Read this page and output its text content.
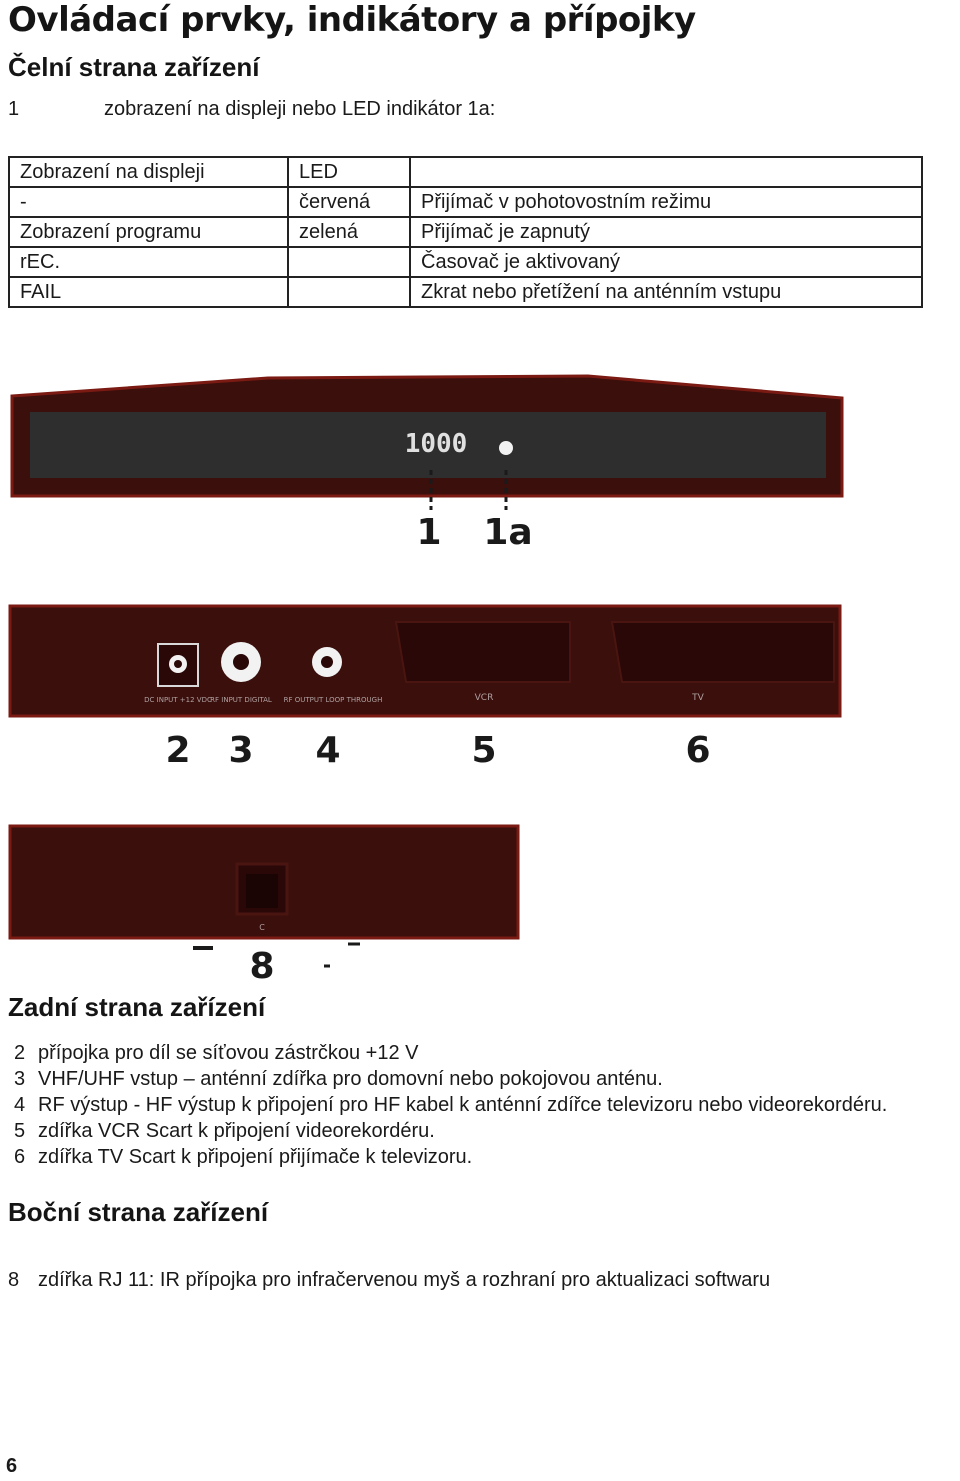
Ovládací prvky, indikátory a přípojky
Čelní strana zařízení
1	zobrazení na displeji nebo LED indikátor 1a:
Zobrazení na displeji	LED	
-	červená	Přijímač v pohotovostním režimu
Zobrazení programu	zelená	Přijímač je zapnutý
rEC.		Časovač je aktivovaný
FAIL		Zkrat nebo přetížení na anténním vstupu
1000
1 1a
DC INPUT +12 VDC
RF INPUT DIGITAL RF OUTPUT LOOP THROUGH	VCR	TV
2 3 4	5	6
C
8
Zadní strana zařízení
2 přípojka pro díl se síťovou zástrčkou +12 V
3 VHF/UHF vstup – anténní zdířka pro domovní nebo pokojovou anténu.
4 RF výstup - HF výstup k připojení pro HF kabel k anténní zdířce televizoru nebo videorekordéru.
5 zdířka VCR Scart k připojení videorekordéru.
6 zdířka TV Scart k připojení přijímače k televizoru.
Boční strana zařízení
8 zdířka RJ 11: IR přípojka pro infračervenou myš a rozhraní pro aktualizaci softwaru
6
